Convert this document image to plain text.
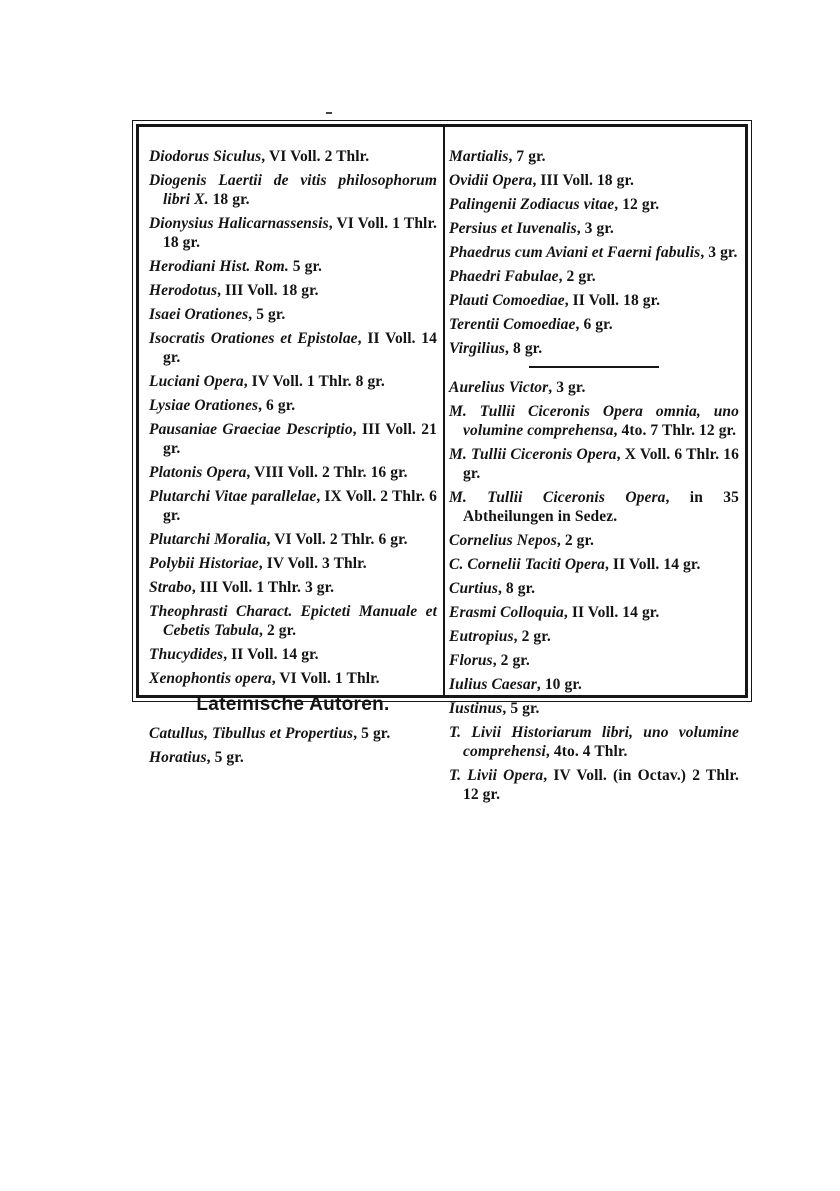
Diodorus Siculus, VI Voll. 2 Thlr.

Diogenis Laertii de vitis philosophorum libri X. 18 gr.

Dionysius Halicarnassensis, VI Voll. 1 Thlr. 18 gr.

Herodiani Hist. Rom. 5 gr.

Herodotus, III Voll. 18 gr.

Isaei Orationes, 5 gr.

Isocratis Orationes et Epistolae, II Voll. 14 gr.

Luciani Opera, IV Voll. 1 Thlr. 8 gr.

Lysiae Orationes, 6 gr.

Pausaniae Graeciae Descriptio, III Voll. 21 gr.

Platonis Opera, VIII Voll. 2 Thlr. 16 gr.

Plutarchi Vitae parallelae, IX Voll. 2 Thlr. 6 gr.

Plutarchi Moralia, VI Voll. 2 Thlr. 6 gr.

Polybii Historiae, IV Voll. 3 Thlr.

Strabo, III Voll. 1 Thlr. 3 gr.

Theophrasti Charact. Epicteti Manuale et Cebetis Tabula, 2 gr.

Thucydides, II Voll. 14 gr.

Xenophontis opera, VI Voll. 1 Thlr.

Lateinische Autoren.

Catullus, Tibullus et Propertius, 5 gr.

Horatius, 5 gr.

Martialis, 7 gr.

Ovidii Opera, III Voll. 18 gr.

Palingenii Zodiacus vitae, 12 gr.

Persius et Iuvenalis, 3 gr.

Phaedrus cum Aviani et Faerni fabulis, 3 gr.

Phaedri Fabulae, 2 gr.

Plauti Comoediae, II Voll. 18 gr.

Terentii Comoediae, 6 gr.

Virgilius, 8 gr.

Aurelius Victor, 3 gr.

M. Tullii Ciceronis Opera omnia, uno volumine comprehensa, 4to. 7 Thlr. 12 gr.

M. Tullii Ciceronis Opera, X Voll. 6 Thlr. 16 gr.

M. Tullii Ciceronis Opera, in 35 Abtheilungen in Sedez.

Cornelius Nepos, 2 gr.

C. Cornelii Taciti Opera, II Voll. 14 gr.

Curtius, 8 gr.

Erasmi Colloquia, II Voll. 14 gr.

Eutropius, 2 gr.

Florus, 2 gr.

Iulius Caesar, 10 gr.

Iustinus, 5 gr.

T. Livii Historiarum libri, uno volumine comprehensi, 4to. 4 Thlr.

T. Livii Opera, IV Voll. (in Octav.) 2 Thlr. 12 gr.
